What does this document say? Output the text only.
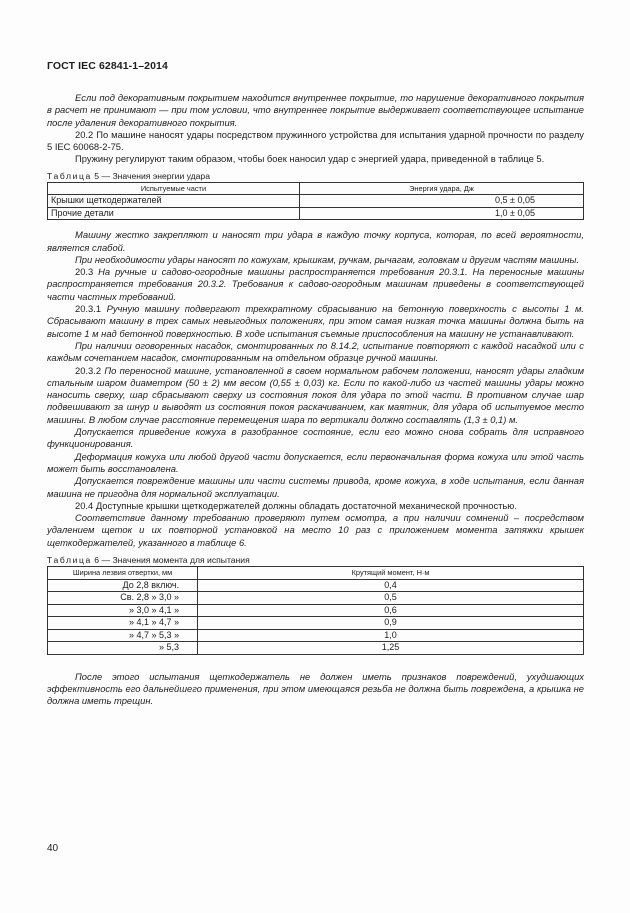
ГОСТ IEC 62841-1–2014

Если под декоративным покрытием находится внутреннее покрытие, то нарушение декоративного покрытия в расчет не принимают — при том условии, что внутреннее покрытие выдерживает соответствующее испытание после удаления декоративного покрытия.

20.2 По машине наносят удары посредством пружинного устройства для испытания ударной прочности по разделу 5 IEC 60068-2-75.

Пружину регулируют таким образом, чтобы боек наносил удар с энергией удара, приведенной в таблице 5.

Таблица 5 — Значения энергии удара
Испытуемые части	Энергия удара, Дж
Крышки щеткодержателей	0,5 ± 0,05
Прочие детали	1,0 ± 0,05

Машину жестко закрепляют и наносят три удара в каждую точку корпуса, которая, по всей вероятности, является слабой.

При необходимости удары наносят по кожухам, крышкам, ручкам, рычагам, головкам и другим частям машины.

20.3 На ручные и садово-огородные машины распространяется требования 20.3.1. На переносные машины распространяется требования 20.3.2. Требования к садово-огородным машинам приведены в соответствующей части частных требований.

20.3.1 Ручную машину подвергают трехкратному сбрасыванию на бетонную поверхность с высоты 1 м. Сбрасывают машину в трех самых невыгодных положениях, при этом самая низкая точка машины должна быть на высоте 1 м над бетонной поверхностью. В ходе испытания съемные приспособления на машину не устанавливают.

При наличии оговоренных насадок, смонтированных по 8.14.2, испытание повторяют с каждой насадкой или с каждым сочетанием насадок, смонтированным на отдельном образце ручной машины.

20.3.2 По переносной машине, установленной в своем нормальном рабочем положении, наносят удары гладким стальным шаром диаметром (50 ± 2) мм весом (0,55 ± 0,03) кг. Если по какой-либо из частей машины удары можно наносить сверху, шар сбрасывают сверху из состояния покоя для удара по этой части. В противном случае шар подвешивают за шнур и выводят из состояния покоя раскачиванием, как маятник, для удара об испытуемое место машины. В любом случае расстояние перемещения шара по вертикали должно составлять (1,3 ± 0,1) м.

Допускается приведение кожуха в разобранное состояние, если его можно снова собрать для исправного функционирования.

Деформация кожуха или любой другой части допускается, если первоначальная форма кожуха или этой часть может быть восстановлена.

Допускается повреждение машины или части системы привода, кроме кожуха, в ходе испытания, если данная машина не пригодна для нормальной эксплуатации.

20.4 Доступные крышки щеткодержателей должны обладать достаточной механической прочностью.

Соответствие данному требованию проверяют путем осмотра, а при наличии сомнений – посредством удалением щеток и их повторной установкой на место 10 раз с приложением момента затяжки крышек щеткодержателей, указанного в таблице 6.

Таблица 6 — Значения момента для испытания
Ширина лезвия отвертки, мм	Крутящий момент, Н·м
До 2,8 включ.	0,4
Св. 2,8 » 3,0 »	0,5
» 3,0 » 4,1 »	0,6
» 4,1 » 4,7 »	0,9
» 4,7 » 5,3 »	1,0
» 5,3	1,25

После этого испытания щеткодержатель не должен иметь признаков повреждений, ухудшающих эффективность его дальнейшего применения, при этом имеющаяся резьба не должна быть повреждена, а крышка не должна иметь трещин.

40
